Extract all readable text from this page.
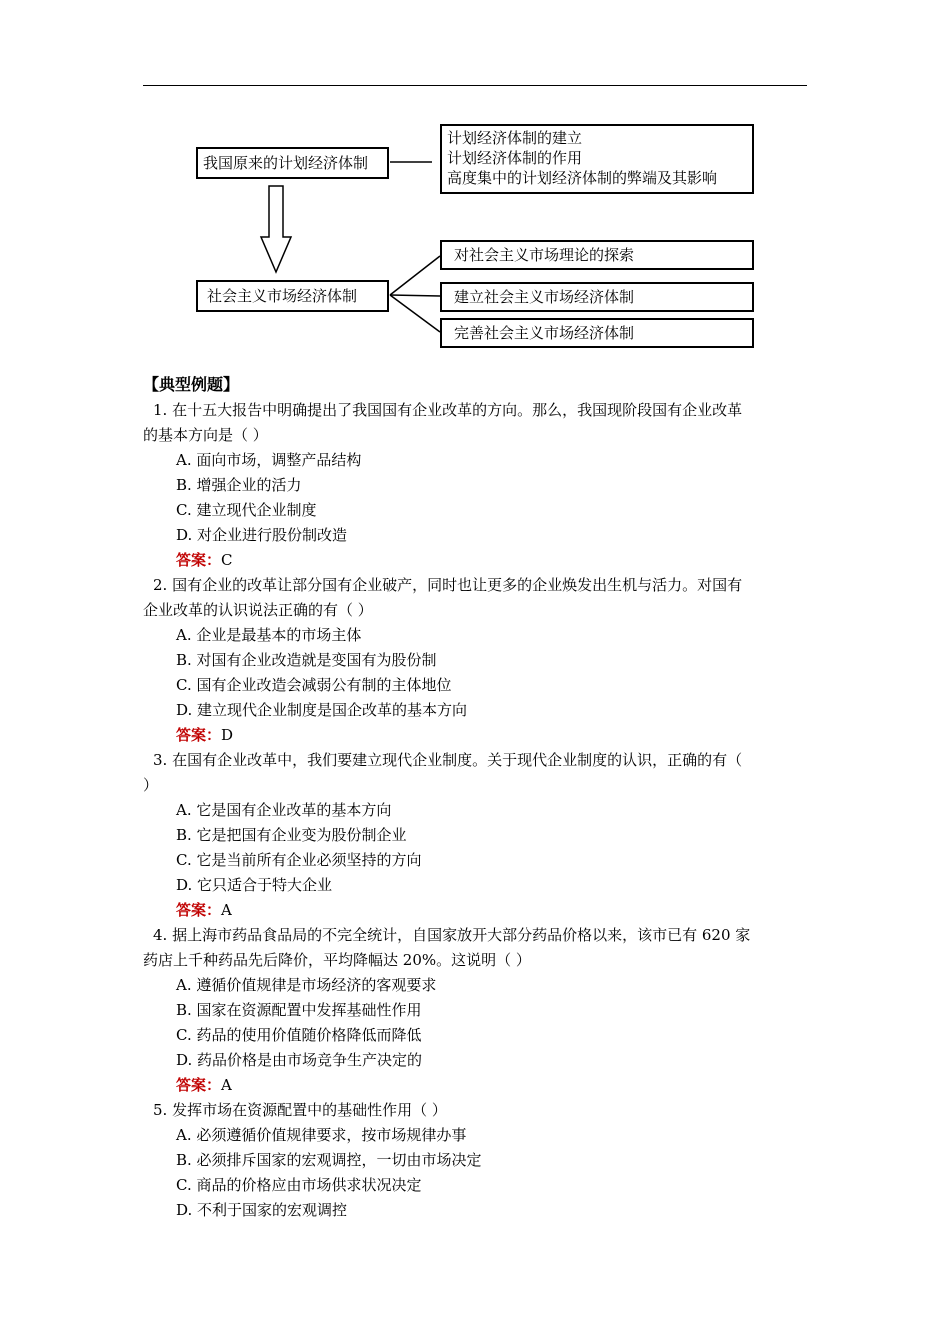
我国原来的计划经济体制
计划经济体制的建立
计划经济体制的作用
高度集中的计划经济体制的弊端及其影响
社会主义市场经济体制
对社会主义市场理论的探索
建立社会主义市场经济体制
完善社会主义市场经济体制
【典型例题】
1. 在十五大报告中明确提出了我国国有企业改革的方向。那么，我国现阶段国有企业改革
的基本方向是（ ）
A. 面向市场，调整产品结构
B. 增强企业的活力
C. 建立现代企业制度
D. 对企业进行股份制改造
答案：C
2. 国有企业的改革让部分国有企业破产，同时也让更多的企业焕发出生机与活力。对国有
企业改革的认识说法正确的有（ ）
A. 企业是最基本的市场主体
B. 对国有企业改造就是变国有为股份制
C. 国有企业改造会减弱公有制的主体地位
D. 建立现代企业制度是国企改革的基本方向
答案：D
3. 在国有企业改革中，我们要建立现代企业制度。关于现代企业制度的认识，正确的有（
）
A. 它是国有企业改革的基本方向
B. 它是把国有企业变为股份制企业
C. 它是当前所有企业必须坚持的方向
D. 它只适合于特大企业
答案：A
4. 据上海市药品食品局的不完全统计，自国家放开大部分药品价格以来，该市已有 620 家
药店上千种药品先后降价，平均降幅达 20%。这说明（ ）
A. 遵循价值规律是市场经济的客观要求
B. 国家在资源配置中发挥基础性作用
C. 药品的使用价值随价格降低而降低
D. 药品价格是由市场竞争生产决定的
答案：A
5. 发挥市场在资源配置中的基础性作用（ ）
A. 必须遵循价值规律要求，按市场规律办事
B. 必须排斥国家的宏观调控，一切由市场决定
C. 商品的价格应由市场供求状况决定
D. 不利于国家的宏观调控
